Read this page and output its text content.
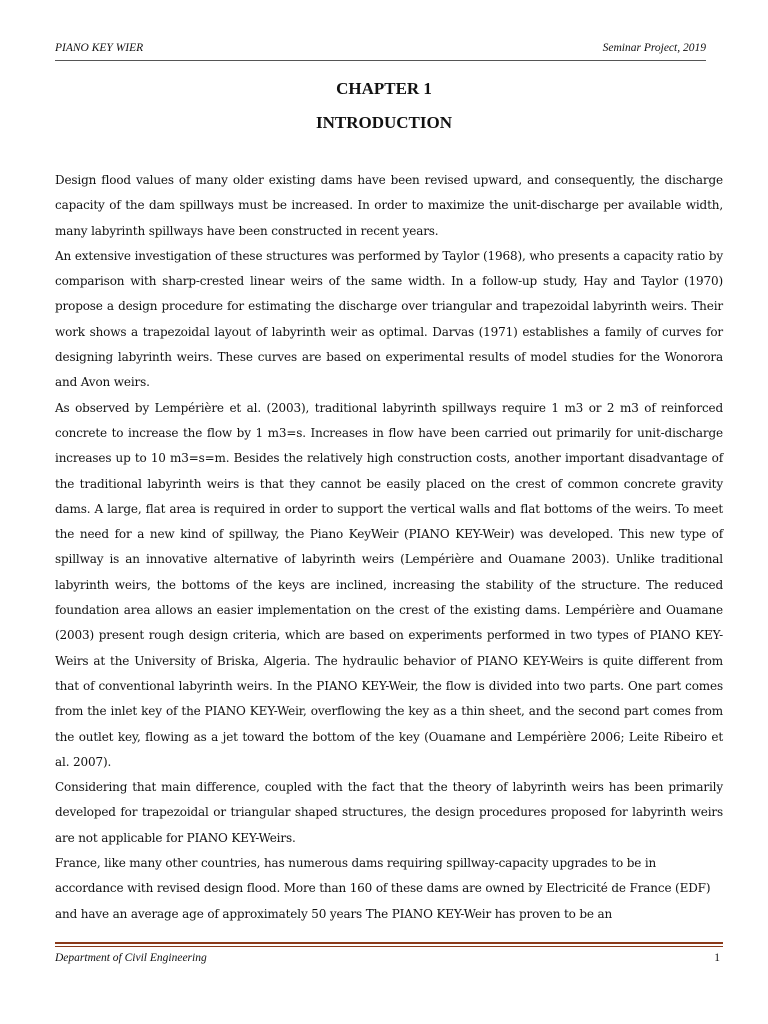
PIANO KEY WIER	Seminar Project, 2019
CHAPTER 1
INTRODUCTION

Design flood values of many older existing dams have been revised upward, and consequently, the discharge capacity of the dam spillways must be increased. In order to maximize the unit-discharge per available width, many labyrinth spillways have been constructed in recent years.

An extensive investigation of these structures was performed by Taylor (1968), who presents a capacity ratio by comparison with sharp-crested linear weirs of the same width. In a follow-up study, Hay and Taylor (1970) propose a design procedure for estimating the discharge over triangular and trapezoidal labyrinth weirs. Their work shows a trapezoidal layout of labyrinth weir as optimal. Darvas (1971) establishes a family of curves for designing labyrinth weirs. These curves are based on experimental results of model studies for the Wonorora and Avon weirs.

As observed by Lempérière et al. (2003), traditional labyrinth spillways require 1 m3 or 2 m3 of reinforced concrete to increase the flow by 1 m3=s. Increases in flow have been carried out primarily for unit-discharge increases up to 10 m3=s=m. Besides the relatively high construction costs, another important disadvantage of the traditional labyrinth weirs is that they cannot be easily placed on the crest of common concrete gravity dams. A large, flat area is required in order to support the vertical walls and flat bottoms of the weirs. To meet the need for a new kind of spillway, the Piano KeyWeir (PIANO KEY-Weir) was developed. This new type of spillway is an innovative alternative of labyrinth weirs (Lempérière and Ouamane 2003). Unlike traditional labyrinth weirs, the bottoms of the keys are inclined, increasing the stability of the structure. The reduced foundation area allows an easier implementation on the crest of the existing dams. Lempérière and Ouamane (2003) present rough design criteria, which are based on experiments performed in two types of PIANO KEY-Weirs at the University of Briska, Algeria. The hydraulic behavior of PIANO KEY-Weirs is quite different from that of conventional labyrinth weirs. In the PIANO KEY-Weir, the flow is divided into two parts. One part comes from the inlet key of the PIANO KEY-Weir, overflowing the key as a thin sheet, and the second part comes from the outlet key, flowing as a jet toward the bottom of the key (Ouamane and Lempérière 2006; Leite Ribeiro et al. 2007).

Considering that main difference, coupled with the fact that the theory of labyrinth weirs has been primarily developed for trapezoidal or triangular shaped structures, the design procedures proposed for labyrinth weirs are not applicable for PIANO KEY-Weirs.

France, like many other countries, has numerous dams requiring spillway-capacity upgrades to be in accordance with revised design flood. More than 160 of these dams are owned by Electricité de France (EDF) and have an average age of approximately 50 years The PIANO KEY-Weir has proven to be an

Department of Civil Engineering	1
